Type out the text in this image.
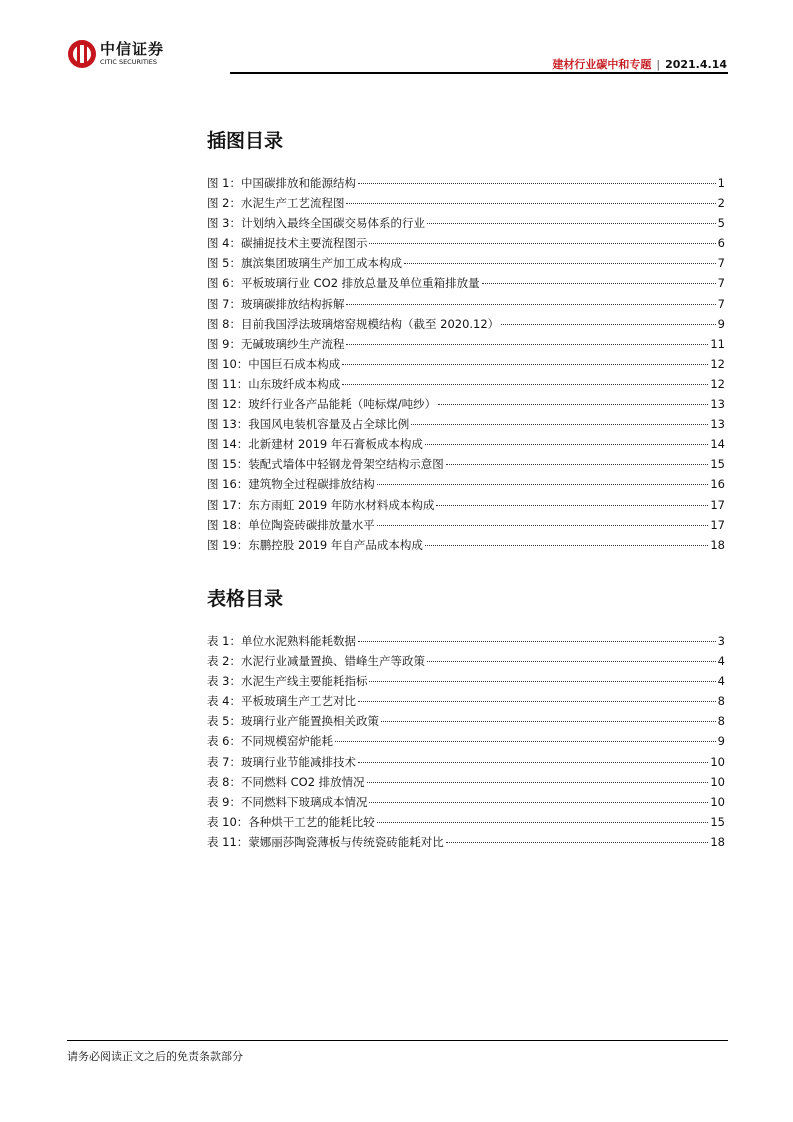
中信证券
CITIC SECURITIES	建材行业碳中和专题 | 2021.4.14
插图目录
图 1：中国碳排放和能源结构	1
图 2：水泥生产工艺流程图	2
图 3：计划纳入最终全国碳交易体系的行业	5
图 4：碳捕捉技术主要流程图示	6
图 5：旗滨集团玻璃生产加工成本构成	7
图 6：平板玻璃行业 CO2 排放总量及单位重箱排放量	7
图 7：玻璃碳排放结构拆解	7
图 8：目前我国浮法玻璃熔窑规模结构（截至 2020.12）	9
图 9：无碱玻璃纱生产流程	11
图 10：中国巨石成本构成	12
图 11：山东玻纤成本构成	12
图 12：玻纤行业各产品能耗（吨标煤/吨纱）	13
图 13：我国风电装机容量及占全球比例	13
图 14：北新建材 2019 年石膏板成本构成	14
图 15：装配式墙体中轻钢龙骨架空结构示意图	15
图 16：建筑物全过程碳排放结构	16
图 17：东方雨虹 2019 年防水材料成本构成	17
图 18：单位陶瓷砖碳排放量水平	17
图 19：东鹏控股 2019 年自产品成本构成	18
表格目录
表 1：单位水泥熟料能耗数据	3
表 2：水泥行业减量置换、错峰生产等政策	4
表 3：水泥生产线主要能耗指标	4
表 4：平板玻璃生产工艺对比	8
表 5：玻璃行业产能置换相关政策	8
表 6：不同规模窑炉能耗	9
表 7：玻璃行业节能减排技术	10
表 8：不同燃料 CO2 排放情况	10
表 9：不同燃料下玻璃成本情况	10
表 10：各种烘干工艺的能耗比较	15
表 11：蒙娜丽莎陶瓷薄板与传统瓷砖能耗对比	18
请务必阅读正文之后的免责条款部分
